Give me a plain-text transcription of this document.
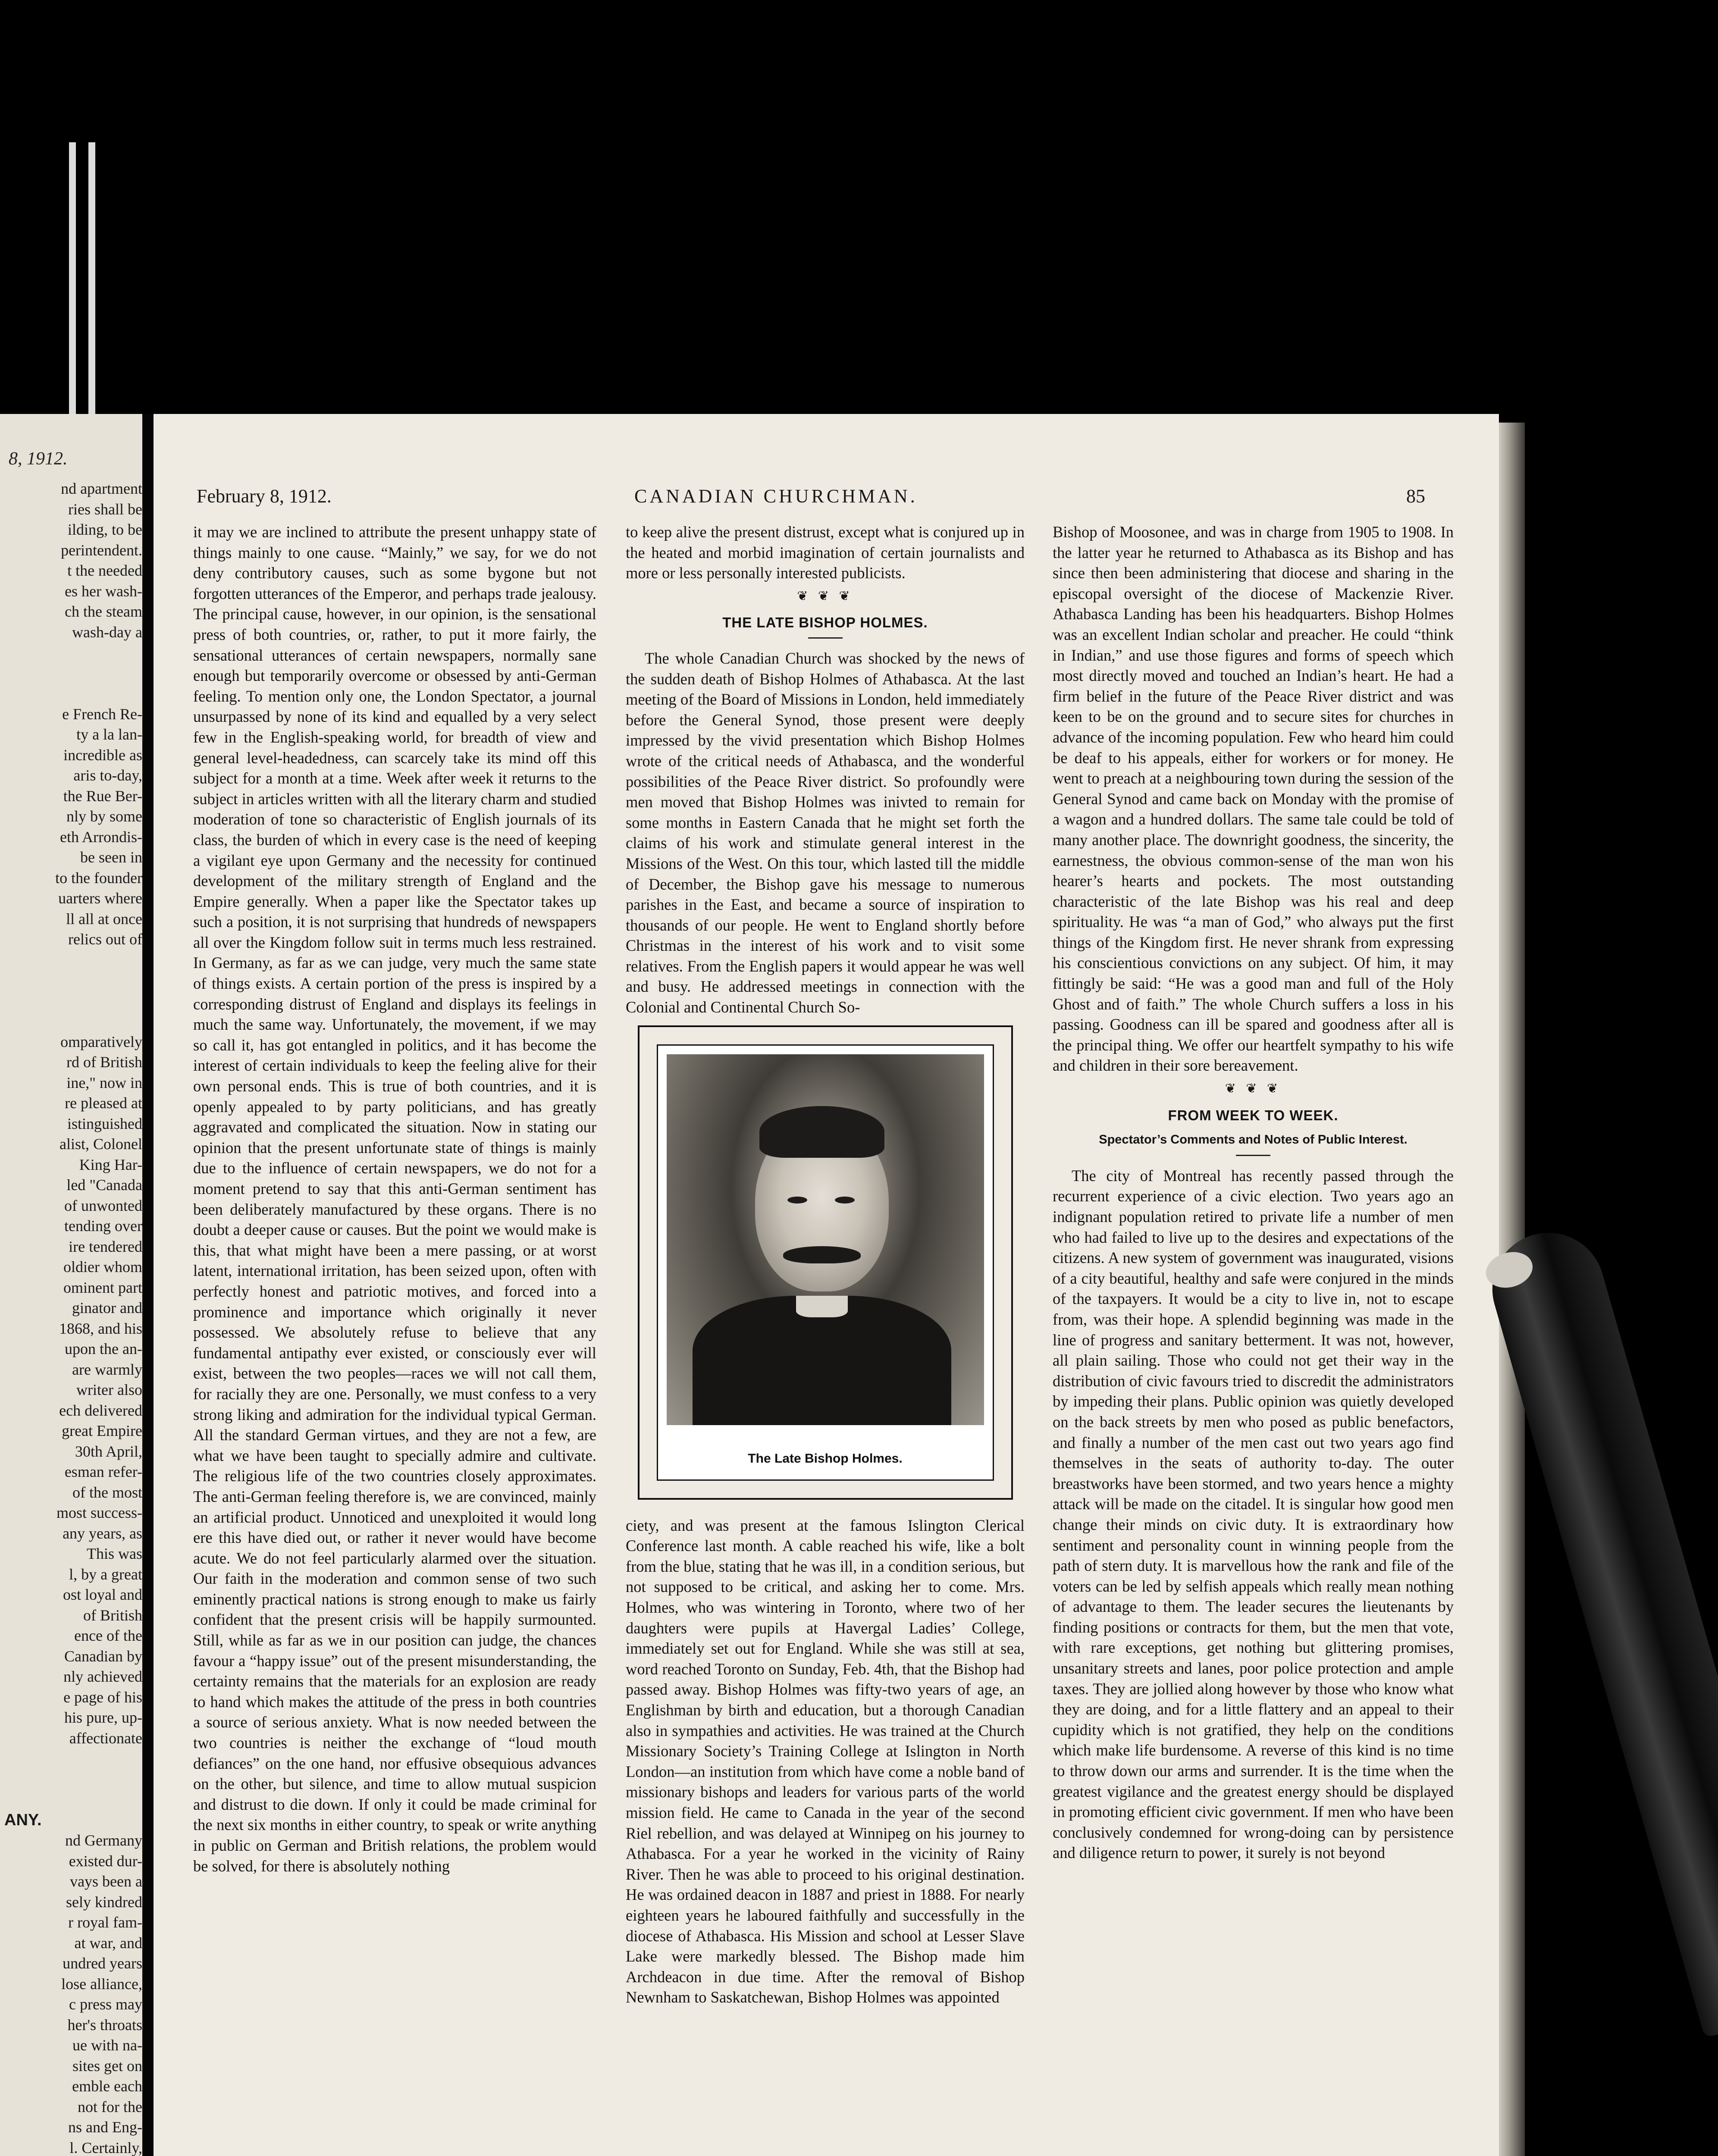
8, 1912.
nd apartment
ries shall be
ilding, to be
perintendent.
t the needed
es her wash-
ch the steam
wash-day a
e French Re-
ty a la lan-
incredible as
aris to-day,
the Rue Ber-
nly by some
eth Arrondis-
be seen in
to the founder
uarters where
ll all at once
relics out of
omparatively
rd of British
ine," now in
re pleased at
istinguished
alist, Colonel
King Har-
led "Canada
of unwonted
tending over
ire tendered
oldier whom
ominent part
ginator and
1868, and his
upon the an-
are warmly
writer also
ech delivered
great Empire
30th April,
esman refer-
of the most
most success-
any years, as
This was
l, by a great
ost loyal and
of British
ence of the
Canadian by
nly achieved
e page of his
his pure, up-
affectionate
ANY.
nd Germany
existed dur-
vays been a
sely kindred
r royal fam-
at war, and
undred years
lose alliance,
c press may
her's throats
ue with na-
sites get on
emble each
not for the
ns and Eng-
l. Certainly,
February 8, 1912.	CANADIAN CHURCHMAN.	85

it may we are inclined to attribute the present unhappy state of things mainly to one cause. “Mainly,” we say, for we do not deny contributory causes, such as some bygone but not forgotten utterances of the Emperor, and perhaps trade jealousy. The principal cause, however, in our opinion, is the sensational press of both countries, or, rather, to put it more fairly, the sensational utterances of certain newspapers, normally sane enough but temporarily overcome or obsessed by anti-German feeling. To mention only one, the London Spectator, a journal unsurpassed by none of its kind and equalled by a very select few in the English-speaking world, for breadth of view and general level-headedness, can scarcely take its mind off this subject for a month at a time. Week after week it returns to the subject in articles written with all the literary charm and studied moderation of tone so characteristic of English journals of its class, the burden of which in every case is the need of keeping a vigilant eye upon Germany and the necessity for continued development of the military strength of England and the Empire generally. When a paper like the Spectator takes up such a position, it is not surprising that hundreds of newspapers all over the Kingdom follow suit in terms much less restrained. In Germany, as far as we can judge, very much the same state of things exists. A certain portion of the press is inspired by a corresponding distrust of England and displays its feelings in much the same way. Unfortunately, the movement, if we may so call it, has got entangled in politics, and it has become the interest of certain individuals to keep the feeling alive for their own personal ends. This is true of both countries, and it is openly appealed to by party politicians, and has greatly aggravated and complicated the situation. Now in stating our opinion that the present unfortunate state of things is mainly due to the influence of certain newspapers, we do not for a moment pretend to say that this anti-German sentiment has been deliberately manufactured by these organs. There is no doubt a deeper cause or causes. But the point we would make is this, that what might have been a mere passing, or at worst latent, international irritation, has been seized upon, often with perfectly honest and patriotic motives, and forced into a prominence and importance which originally it never possessed. We absolutely refuse to believe that any fundamental antipathy ever existed, or consciously ever will exist, between the two peoples—races we will not call them, for racially they are one. Personally, we must confess to a very strong liking and admiration for the individual typical German. All the standard German virtues, and they are not a few, are what we have been taught to specially admire and cultivate. The religious life of the two countries closely approximates. The anti-German feeling therefore is, we are convinced, mainly an artificial product. Unnoticed and unexploited it would long ere this have died out, or rather it never would have become acute. We do not feel particularly alarmed over the situation. Our faith in the moderation and common sense of two such eminently practical nations is strong enough to make us fairly confident that the present crisis will be happily surmounted. Still, while as far as we in our position can judge, the chances favour a “happy issue” out of the present misunderstanding, the certainty remains that the materials for an explosion are ready to hand which makes the attitude of the press in both countries a source of serious anxiety. What is now needed between the two countries is neither the exchange of “loud mouth defiances” on the one hand, nor effusive obsequious advances on the other, but silence, and time to allow mutual suspicion and distrust to die down. If only it could be made criminal for the next six months in either country, to speak or write anything in public on German and British relations, the problem would be solved, for there is absolutely nothing

to keep alive the present distrust, except what is conjured up in the heated and morbid imagination of certain journalists and more or less personally interested publicists.

❦ ❦ ❦
THE LATE BISHOP HOLMES.

The whole Canadian Church was shocked by the news of the sudden death of Bishop Holmes of Athabasca. At the last meeting of the Board of Missions in London, held immediately before the General Synod, those present were deeply impressed by the vivid presentation which Bishop Holmes wrote of the critical needs of Athabasca, and the wonderful possibilities of the Peace River district. So profoundly were men moved that Bishop Holmes was inivted to remain for some months in Eastern Canada that he might set forth the claims of his work and stimulate general interest in the Missions of the West. On this tour, which lasted till the middle of December, the Bishop gave his message to numerous parishes in the East, and became a source of inspiration to thousands of our people. He went to England shortly before Christmas in the interest of his work and to visit some relatives. From the English papers it would appear he was well and busy. He addressed meetings in connection with the Colonial and Continental Church So-

The Late Bishop Holmes.

ciety, and was present at the famous Islington Clerical Conference last month. A cable reached his wife, like a bolt from the blue, stating that he was ill, in a condition serious, but not supposed to be critical, and asking her to come. Mrs. Holmes, who was wintering in Toronto, where two of her daughters were pupils at Havergal Ladies’ College, immediately set out for England. While she was still at sea, word reached Toronto on Sunday, Feb. 4th, that the Bishop had passed away. Bishop Holmes was fifty-two years of age, an Englishman by birth and education, but a thorough Canadian also in sympathies and activities. He was trained at the Church Missionary Society’s Training College at Islington in North London—an institution from which have come a noble band of missionary bishops and leaders for various parts of the world mission field. He came to Canada in the year of the second Riel rebellion, and was delayed at Winnipeg on his journey to Athabasca. For a year he worked in the vicinity of Rainy River. Then he was able to proceed to his original destination. He was ordained deacon in 1887 and priest in 1888. For nearly eighteen years he laboured faithfully and successfully in the diocese of Athabasca. His Mission and school at Lesser Slave Lake were markedly blessed. The Bishop made him Archdeacon in due time. After the removal of Bishop Newnham to Saskatchewan, Bishop Holmes was appointed

Bishop of Moosonee, and was in charge from 1905 to 1908. In the latter year he returned to Athabasca as its Bishop and has since then been administering that diocese and sharing in the episcopal oversight of the diocese of Mackenzie River. Athabasca Landing has been his headquarters. Bishop Holmes was an excellent Indian scholar and preacher. He could “think in Indian,” and use those figures and forms of speech which most directly moved and touched an Indian’s heart. He had a firm belief in the future of the Peace River district and was keen to be on the ground and to secure sites for churches in advance of the incoming population. Few who heard him could be deaf to his appeals, either for workers or for money. He went to preach at a neighbouring town during the session of the General Synod and came back on Monday with the promise of a wagon and a hundred dollars. The same tale could be told of many another place. The downright goodness, the sincerity, the earnestness, the obvious common-sense of the man won his hearer’s hearts and pockets. The most outstanding characteristic of the late Bishop was his real and deep spirituality. He was “a man of God,” who always put the first things of the Kingdom first. He never shrank from expressing his conscientious convictions on any subject. Of him, it may fittingly be said: “He was a good man and full of the Holy Ghost and of faith.” The whole Church suffers a loss in his passing. Goodness can ill be spared and goodness after all is the principal thing. We offer our heartfelt sympathy to his wife and children in their sore bereavement.

❦ ❦ ❦
FROM WEEK TO WEEK.
Spectator’s Comments and Notes of Public Interest.

The city of Montreal has recently passed through the recurrent experience of a civic election. Two years ago an indignant population retired to private life a number of men who had failed to live up to the desires and expectations of the citizens. A new system of government was inaugurated, visions of a city beautiful, healthy and safe were conjured in the minds of the taxpayers. It would be a city to live in, not to escape from, was their hope. A splendid beginning was made in the line of progress and sanitary betterment. It was not, however, all plain sailing. Those who could not get their way in the distribution of civic favours tried to discredit the administrators by impeding their plans. Public opinion was quietly developed on the back streets by men who posed as public benefactors, and finally a number of the men cast out two years ago find themselves in the seats of authority to-day. The outer breastworks have been stormed, and two years hence a mighty attack will be made on the citadel. It is singular how good men change their minds on civic duty. It is extraordinary how sentiment and personality count in winning people from the path of stern duty. It is marvellous how the rank and file of the voters can be led by selfish appeals which really mean nothing of advantage to them. The leader secures the lieutenants by finding positions or contracts for them, but the men that vote, with rare exceptions, get nothing but glittering promises, unsanitary streets and lanes, poor police protection and ample taxes. They are jollied along however by those who know what they are doing, and for a little flattery and an appeal to their cupidity which is not gratified, they help on the conditions which make life burdensome. A reverse of this kind is no time to throw down our arms and surrender. It is the time when the greatest vigilance and the greatest energy should be displayed in promoting efficient civic government. If men who have been conclusively condemned for wrong-doing can by persistence and diligence return to power, it surely is not beyond
